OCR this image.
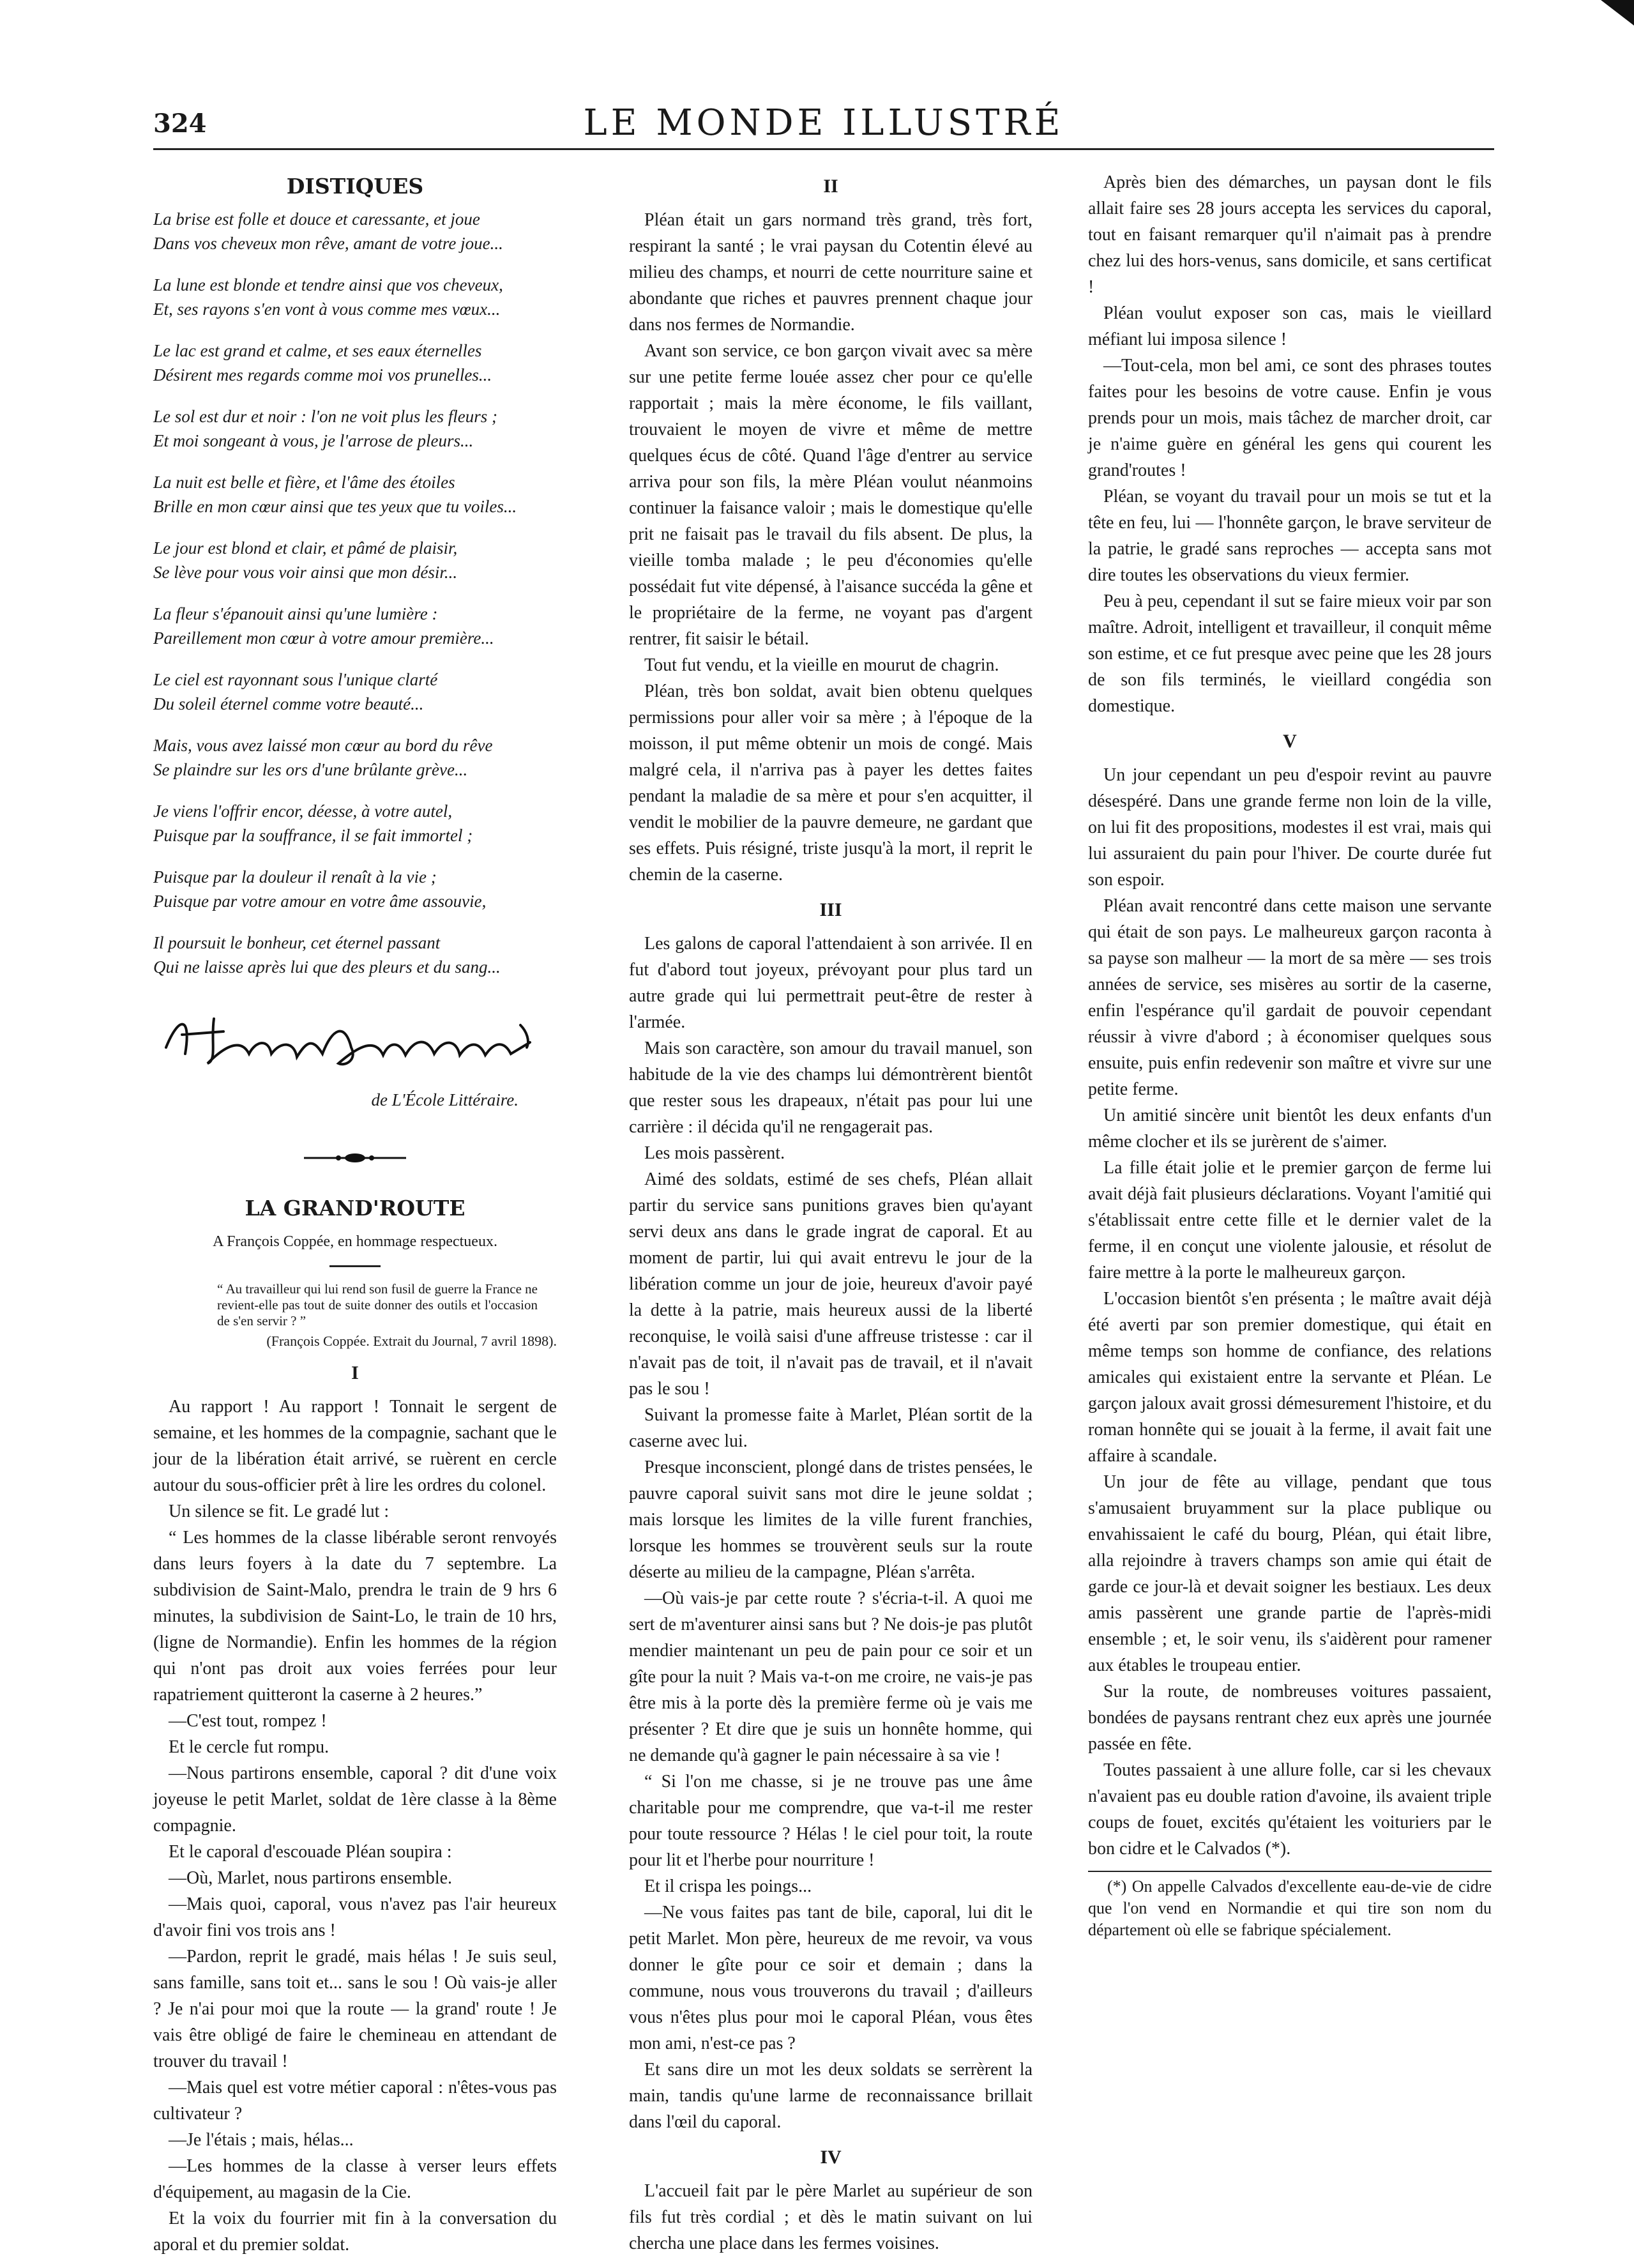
324	LE MONDE ILLUSTRÉ
DISTIQUES
La brise est folle et douce et caressante, et joue
Dans vos cheveux mon rêve, amant de votre joue...
La lune est blonde et tendre ainsi que vos cheveux,
Et, ses rayons s'en vont à vous comme mes vœux...
Le lac est grand et calme, et ses eaux éternelles
Désirent mes regards comme moi vos prunelles...
Le sol est dur et noir : l'on ne voit plus les fleurs ;
Et moi songeant à vous, je l'arrose de pleurs...
La nuit est belle et fière, et l'âme des étoiles
Brille en mon cœur ainsi que tes yeux que tu voiles...
Le jour est blond et clair, et pâmé de plaisir,
Se lève pour vous voir ainsi que mon désir...
La fleur s'épanouit ainsi qu'une lumière :
Pareillement mon cœur à votre amour première...
Le ciel est rayonnant sous l'unique clarté
Du soleil éternel comme votre beauté...
Mais, vous avez laissé mon cœur au bord du rêve
Se plaindre sur les ors d'une brûlante grève...
Je viens l'offrir encor, déesse, à votre autel,
Puisque par la souffrance, il se fait immortel ;
Puisque par la douleur il renaît à la vie ;
Puisque par votre amour en votre âme assouvie,
Il poursuit le bonheur, cet éternel passant
Qui ne laisse après lui que des pleurs et du sang...
de L'École Littéraire.
LA GRAND'ROUTE
A François Coppée, en hommage respectueux.
“ Au travailleur qui lui rend son fusil de guerre la France ne revient-elle pas tout de suite donner des outils et l'occasion de s'en servir ? ”
(François Coppée. Extrait du Journal, 7 avril 1898).
I

Au rapport ! Au rapport ! Tonnait le sergent de semaine, et les hommes de la compagnie, sachant que le jour de la libération était arrivé, se ruèrent en cercle autour du sous-officier prêt à lire les ordres du colonel.

Un silence se fit. Le gradé lut :

“ Les hommes de la classe libérable seront renvoyés dans leurs foyers à la date du 7 septembre. La subdivision de Saint-Malo, prendra le train de 9 hrs 6 minutes, la subdivision de Saint-Lo, le train de 10 hrs, (ligne de Normandie). Enfin les hommes de la région qui n'ont pas droit aux voies ferrées pour leur rapatriement quitteront la caserne à 2 heures.”

—C'est tout, rompez !

Et le cercle fut rompu.

—Nous partirons ensemble, caporal ? dit d'une voix joyeuse le petit Marlet, soldat de 1ère classe à la 8ème compagnie.

Et le caporal d'escouade Pléan soupira :

—Où, Marlet, nous partirons ensemble.

—Mais quoi, caporal, vous n'avez pas l'air heureux d'avoir fini vos trois ans !

—Pardon, reprit le gradé, mais hélas ! Je suis seul, sans famille, sans toit et... sans le sou ! Où vais-je aller ? Je n'ai pour moi que la route — la grand' route ! Je vais être obligé de faire le chemineau en attendant de trouver du travail !

—Mais quel est votre métier caporal : n'êtes-vous pas cultivateur ?

—Je l'étais ; mais, hélas...

—Les hommes de la classe à verser leurs effets d'équipement, au magasin de la Cie.

Et la voix du fourrier mit fin à la conversation du aporal et du premier soldat.

II

Pléan était un gars normand très grand, très fort, respirant la santé ; le vrai paysan du Cotentin élevé au milieu des champs, et nourri de cette nourriture saine et abondante que riches et pauvres prennent chaque jour dans nos fermes de Normandie.

Avant son service, ce bon garçon vivait avec sa mère sur une petite ferme louée assez cher pour ce qu'elle rapportait ; mais la mère économe, le fils vaillant, trouvaient le moyen de vivre et même de mettre quelques écus de côté. Quand l'âge d'entrer au service arriva pour son fils, la mère Pléan voulut néanmoins continuer la faisance valoir ; mais le domestique qu'elle prit ne faisait pas le travail du fils absent. De plus, la vieille tomba malade ; le peu d'économies qu'elle possédait fut vite dépensé, à l'aisance succéda la gêne et le propriétaire de la ferme, ne voyant pas d'argent rentrer, fit saisir le bétail.

Tout fut vendu, et la vieille en mourut de chagrin.

Pléan, très bon soldat, avait bien obtenu quelques permissions pour aller voir sa mère ; à l'époque de la moisson, il put même obtenir un mois de congé. Mais malgré cela, il n'arriva pas à payer les dettes faites pendant la maladie de sa mère et pour s'en acquitter, il vendit le mobilier de la pauvre demeure, ne gardant que ses effets. Puis résigné, triste jusqu'à la mort, il reprit le chemin de la caserne.

III

Les galons de caporal l'attendaient à son arrivée. Il en fut d'abord tout joyeux, prévoyant pour plus tard un autre grade qui lui permettrait peut-être de rester à l'armée.

Mais son caractère, son amour du travail manuel, son habitude de la vie des champs lui démontrèrent bientôt que rester sous les drapeaux, n'était pas pour lui une carrière : il décida qu'il ne rengagerait pas.

Les mois passèrent.

Aimé des soldats, estimé de ses chefs, Pléan allait partir du service sans punitions graves bien qu'ayant servi deux ans dans le grade ingrat de caporal. Et au moment de partir, lui qui avait entrevu le jour de la libération comme un jour de joie, heureux d'avoir payé la dette à la patrie, mais heureux aussi de la liberté reconquise, le voilà saisi d'une affreuse tristesse : car il n'avait pas de toit, il n'avait pas de travail, et il n'avait pas le sou !

Suivant la promesse faite à Marlet, Pléan sortit de la caserne avec lui.

Presque inconscient, plongé dans de tristes pensées, le pauvre caporal suivit sans mot dire le jeune soldat ; mais lorsque les limites de la ville furent franchies, lorsque les hommes se trouvèrent seuls sur la route déserte au milieu de la campagne, Pléan s'arrêta.

—Où vais-je par cette route ? s'écria-t-il. A quoi me sert de m'aventurer ainsi sans but ? Ne dois-je pas plutôt mendier maintenant un peu de pain pour ce soir et un gîte pour la nuit ? Mais va-t-on me croire, ne vais-je pas être mis à la porte dès la première ferme où je vais me présenter ? Et dire que je suis un honnête homme, qui ne demande qu'à gagner le pain nécessaire à sa vie !

“ Si l'on me chasse, si je ne trouve pas une âme charitable pour me comprendre, que va-t-il me rester pour toute ressource ? Hélas ! le ciel pour toit, la route pour lit et l'herbe pour nourriture !

Et il crispa les poings...

—Ne vous faites pas tant de bile, caporal, lui dit le petit Marlet. Mon père, heureux de me revoir, va vous donner le gîte pour ce soir et demain ; dans la commune, nous vous trouverons du travail ; d'ailleurs vous n'êtes plus pour moi le caporal Pléan, vous êtes mon ami, n'est-ce pas ?

Et sans dire un mot les deux soldats se serrèrent la main, tandis qu'une larme de reconnaissance brillait dans l'œil du caporal.

IV

L'accueil fait par le père Marlet au supérieur de son fils fut très cordial ; et dès le matin suivant on lui chercha une place dans les fermes voisines.

Après bien des démarches, un paysan dont le fils allait faire ses 28 jours accepta les services du caporal, tout en faisant remarquer qu'il n'aimait pas à prendre chez lui des hors-venus, sans domicile, et sans certificat !

Pléan voulut exposer son cas, mais le vieillard méfiant lui imposa silence !

—Tout-cela, mon bel ami, ce sont des phrases toutes faites pour les besoins de votre cause. Enfin je vous prends pour un mois, mais tâchez de marcher droit, car je n'aime guère en général les gens qui courent les grand'routes !

Pléan, se voyant du travail pour un mois se tut et la tête en feu, lui — l'honnête garçon, le brave serviteur de la patrie, le gradé sans reproches — accepta sans mot dire toutes les observations du vieux fermier.

Peu à peu, cependant il sut se faire mieux voir par son maître. Adroit, intelligent et travailleur, il conquit même son estime, et ce fut presque avec peine que les 28 jours de son fils terminés, le vieillard congédia son domestique.

V

Un jour cependant un peu d'espoir revint au pauvre désespéré. Dans une grande ferme non loin de la ville, on lui fit des propositions, modestes il est vrai, mais qui lui assuraient du pain pour l'hiver. De courte durée fut son espoir.

Pléan avait rencontré dans cette maison une servante qui était de son pays. Le malheureux garçon raconta à sa payse son malheur — la mort de sa mère — ses trois années de service, ses misères au sortir de la caserne, enfin l'espérance qu'il gardait de pouvoir cependant réussir à vivre d'abord ; à économiser quelques sous ensuite, puis enfin redevenir son maître et vivre sur une petite ferme.

Un amitié sincère unit bientôt les deux enfants d'un même clocher et ils se jurèrent de s'aimer.

La fille était jolie et le premier garçon de ferme lui avait déjà fait plusieurs déclarations. Voyant l'amitié qui s'établissait entre cette fille et le dernier valet de la ferme, il en conçut une violente jalousie, et résolut de faire mettre à la porte le malheureux garçon.

L'occasion bientôt s'en présenta ; le maître avait déjà été averti par son premier domestique, qui était en même temps son homme de confiance, des relations amicales qui existaient entre la servante et Pléan. Le garçon jaloux avait grossi démesurement l'histoire, et du roman honnête qui se jouait à la ferme, il avait fait une affaire à scandale.

Un jour de fête au village, pendant que tous s'amusaient bruyamment sur la place publique ou envahissaient le café du bourg, Pléan, qui était libre, alla rejoindre à travers champs son amie qui était de garde ce jour-là et devait soigner les bestiaux. Les deux amis passèrent une grande partie de l'après-midi ensemble ; et, le soir venu, ils s'aidèrent pour ramener aux étables le troupeau entier.

Sur la route, de nombreuses voitures passaient, bondées de paysans rentrant chez eux après une journée passée en fête.

Toutes passaient à une allure folle, car si les chevaux n'avaient pas eu double ration d'avoine, ils avaient triple coups de fouet, excités qu'étaient les voituriers par le bon cidre et le Calvados (*).

(*) On appelle Calvados d'excellente eau-de-vie de cidre que l'on vend en Normandie et qui tire son nom du département où elle se fabrique spécialement.
